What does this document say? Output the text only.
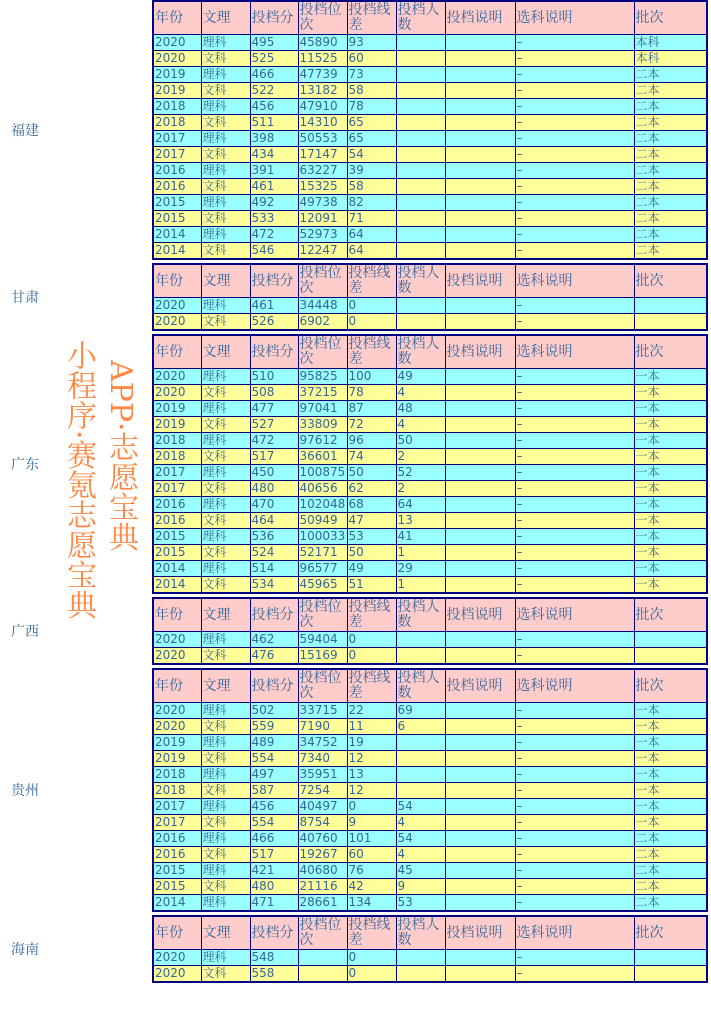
福建
年份	文理	投档分	投档位次	投档线差	投档人数	投档说明	选科说明	批次
2020	理科	495	45890	93			–	本科
2020	文科	525	11525	60			–	本科
2019	理科	466	47739	73			–	二本
2019	文科	522	13182	58			–	二本
2018	理科	456	47910	78			–	二本
2018	文科	511	14310	65			–	二本
2017	理科	398	50553	65			–	二本
2017	文科	434	17147	54			–	二本
2016	理科	391	63227	39			–	二本
2016	文科	461	15325	58			–	二本
2015	理科	492	49738	82			–	二本
2015	文科	533	12091	71			–	二本
2014	理科	472	52973	64			–	二本
2014	文科	546	12247	64			–	二本
甘肃
年份	文理	投档分	投档位次	投档线差	投档人数	投档说明	选科说明	批次
2020	理科	461	34448	0			–	
2020	文科	526	6902	0			–	
广东
年份	文理	投档分	投档位次	投档线差	投档人数	投档说明	选科说明	批次
2020	理科	510	95825	100	49		–	一本
2020	文科	508	37215	78	4		–	一本
2019	理科	477	97041	87	48		–	一本
2019	文科	527	33809	72	4		–	一本
2018	理科	472	97612	96	50		–	一本
2018	文科	517	36601	74	2		–	一本
2017	理科	450	100875	50	52		–	一本
2017	文科	480	40656	62	2		–	一本
2016	理科	470	102048	68	64		–	一本
2016	文科	464	50949	47	13		–	一本
2015	理科	536	100033	53	41		–	一本
2015	文科	524	52171	50	1		–	一本
2014	理科	514	96577	49	29		–	一本
2014	文科	534	45965	51	1		–	一本
广西
年份	文理	投档分	投档位次	投档线差	投档人数	投档说明	选科说明	批次
2020	理科	462	59404	0			–	
2020	文科	476	15169	0			–	
贵州
年份	文理	投档分	投档位次	投档线差	投档人数	投档说明	选科说明	批次
2020	理科	502	33715	22	69		–	一本
2020	文科	559	7190	11	6		–	一本
2019	理科	489	34752	19			–	一本
2019	文科	554	7340	12			–	一本
2018	理科	497	35951	13			–	一本
2018	文科	587	7254	12			–	一本
2017	理科	456	40497	0	54		–	一本
2017	文科	554	8754	9	4		–	一本
2016	理科	466	40760	101	54		–	二本
2016	文科	517	19267	60	4		–	二本
2015	理科	421	40680	76	45		–	二本
2015	文科	480	21116	42	9		–	二本
2014	理科	471	28661	134	53		–	二本
海南
年份	文理	投档分	投档位次	投档线差	投档人数	投档说明	选科说明	批次
2020	理科	548		0			–	
2020	文科	558		0			–	
小程序·赛氪志愿宝典 APP·志愿宝典
